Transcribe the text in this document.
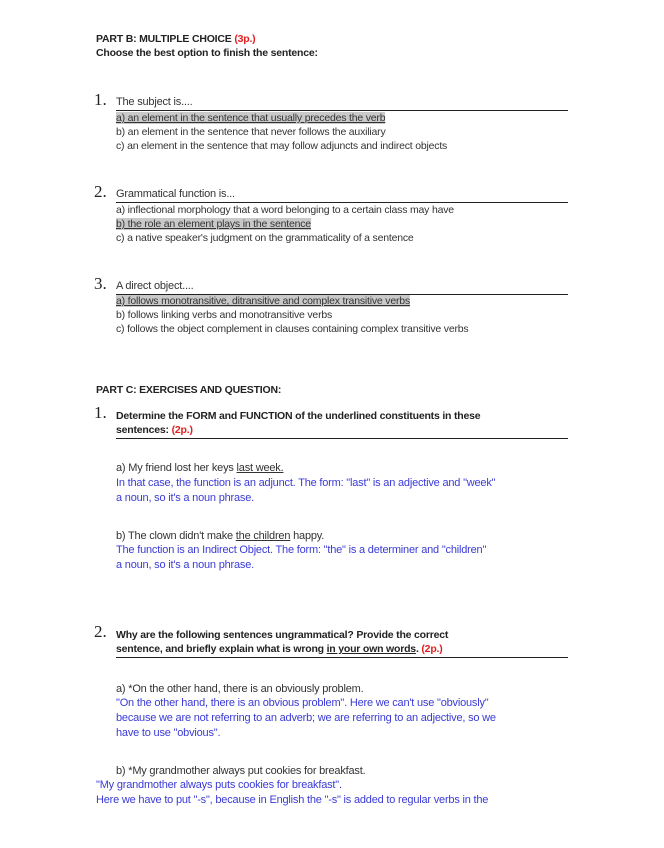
PART B: MULTIPLE CHOICE (3p.)
Choose the best option to finish the sentence:
1. The subject is....
a) an element in the sentence that usually precedes the verb
b) an element in the sentence that never follows the auxiliary
c) an element in the sentence that may follow adjuncts and indirect objects
2. Grammatical function is...
a) inflectional morphology that a word belonging to a certain class may have
b) the role an element plays in the sentence
c) a native speaker's judgment on the grammaticality of a sentence
3. A direct object....
a) follows monotransitive, ditransitive and complex transitive verbs
b) follows linking verbs and monotransitive verbs
c) follows the object complement in clauses containing complex transitive verbs
PART C: EXERCISES AND QUESTION:
1. Determine the FORM and FUNCTION of the underlined constituents in these
sentences: (2p.)
a) My friend lost her keys last week.
In that case, the function is an adjunct. The form: "last" is an adjective and "week"
a noun, so it's a noun phrase.
b) The clown didn't make the children happy.
The function is an Indirect Object. The form: "the" is a determiner and "children"
a noun, so it's a noun phrase.
2. Why are the following sentences ungrammatical? Provide the correct
sentence, and briefly explain what is wrong in your own words. (2p.)
a) *On the other hand, there is an obviously problem.
"On the other hand, there is an obvious problem". Here we can't use "obviously"
because we are not referring to an adverb; we are referring to an adjective, so we
have to use "obvious".
b) *My grandmother always put cookies for breakfast.
"My grandmother always puts cookies for breakfast".
Here we have to put "-s", because in English the "-s" is added to regular verbs in the
